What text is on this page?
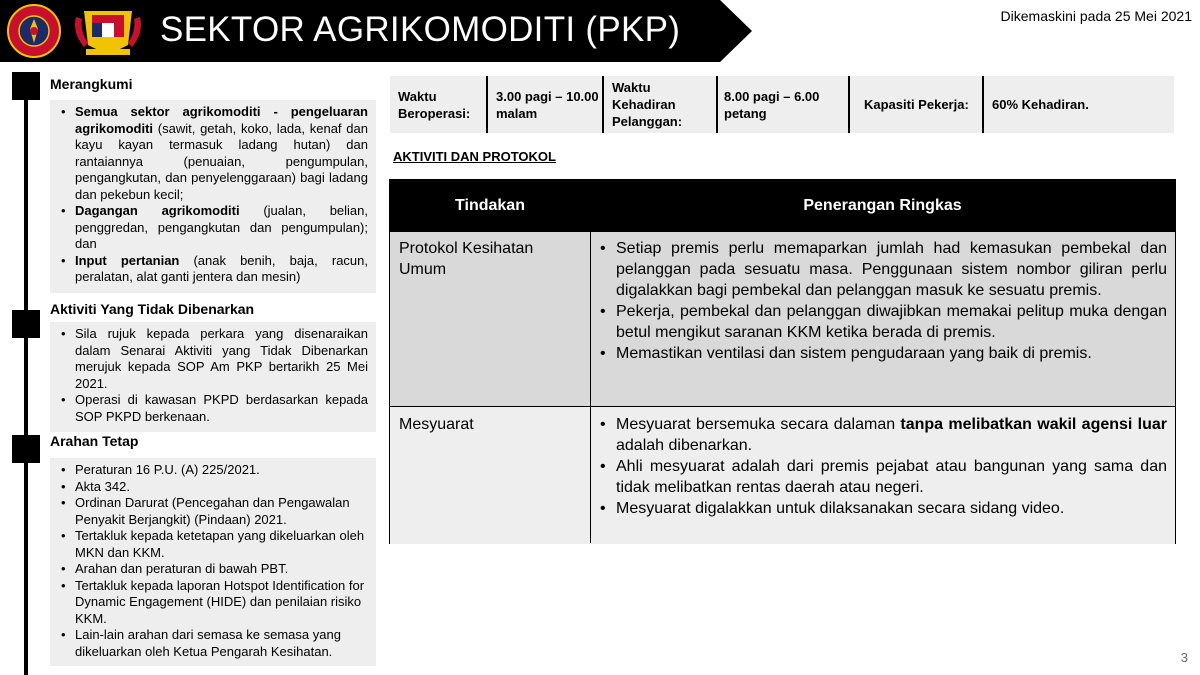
SEKTOR AGRIKOMODITI (PKP)	Dikemaskini pada 25 Mei 2021
Merangkumi
• Semua sektor agrikomoditi - pengeluaran agrikomoditi (sawit, getah, koko, lada, kenaf dan kayu kayan termasuk ladang hutan) dan rantaiannya (penuaian, pengumpulan, pengangkutan, dan penyelenggaraan) bagi ladang dan pekebun kecil;
• Dagangan agrikomoditi (jualan, belian, penggredan, pengangkutan dan pengumpulan); dan
• Input pertanian (anak benih, baja, racun, peralatan, alat ganti jentera dan mesin)
Aktiviti Yang Tidak Dibenarkan
• Sila rujuk kepada perkara yang disenaraikan dalam Senarai Aktiviti yang Tidak Dibenarkan merujuk kepada SOP Am PKP bertarikh 25 Mei 2021.
• Operasi di kawasan PKPD berdasarkan kepada SOP PKPD berkenaan.
Arahan Tetap
• Peraturan 16 P.U. (A) 225/2021.
• Akta 342.
• Ordinan Darurat (Pencegahan dan Pengawalan Penyakit Berjangkit) (Pindaan) 2021.
• Tertakluk kepada ketetapan yang dikeluarkan oleh MKN dan KKM.
• Arahan dan peraturan di bawah PBT.
• Tertakluk kepada laporan Hotspot Identification for Dynamic Engagement (HIDE) dan penilaian risiko KKM.
• Lain-lain arahan dari semasa ke semasa yang dikeluarkan oleh Ketua Pengarah Kesihatan.
Waktu Beroperasi:
3.00 pagi – 10.00 malam
Waktu Kehadiran Pelanggan:
8.00 pagi – 6.00 petang
Kapasiti Pekerja:	60% Kehadiran.
AKTIVITI DAN PROTOKOL
Tindakan	Penerangan Ringkas
Protokol Kesihatan Umum
• Setiap premis perlu memaparkan jumlah had kemasukan pembekal dan pelanggan pada sesuatu masa. Penggunaan sistem nombor giliran perlu digalakkan bagi pembekal dan pelanggan masuk ke sesuatu premis.
• Pekerja, pembekal dan pelanggan diwajibkan memakai pelitup muka dengan betul mengikut saranan KKM ketika berada di premis.
• Memastikan ventilasi dan sistem pengudaraan yang baik di premis.
Mesyuarat
•	Mesyuarat bersemuka secara dalaman tanpa melibatkan wakil agensi luar adalah dibenarkan.
• Ahli mesyuarat adalah dari premis pejabat atau bangunan yang sama dan tidak melibatkan rentas daerah atau negeri.
• Mesyuarat digalakkan untuk dilaksanakan secara sidang video.
3
